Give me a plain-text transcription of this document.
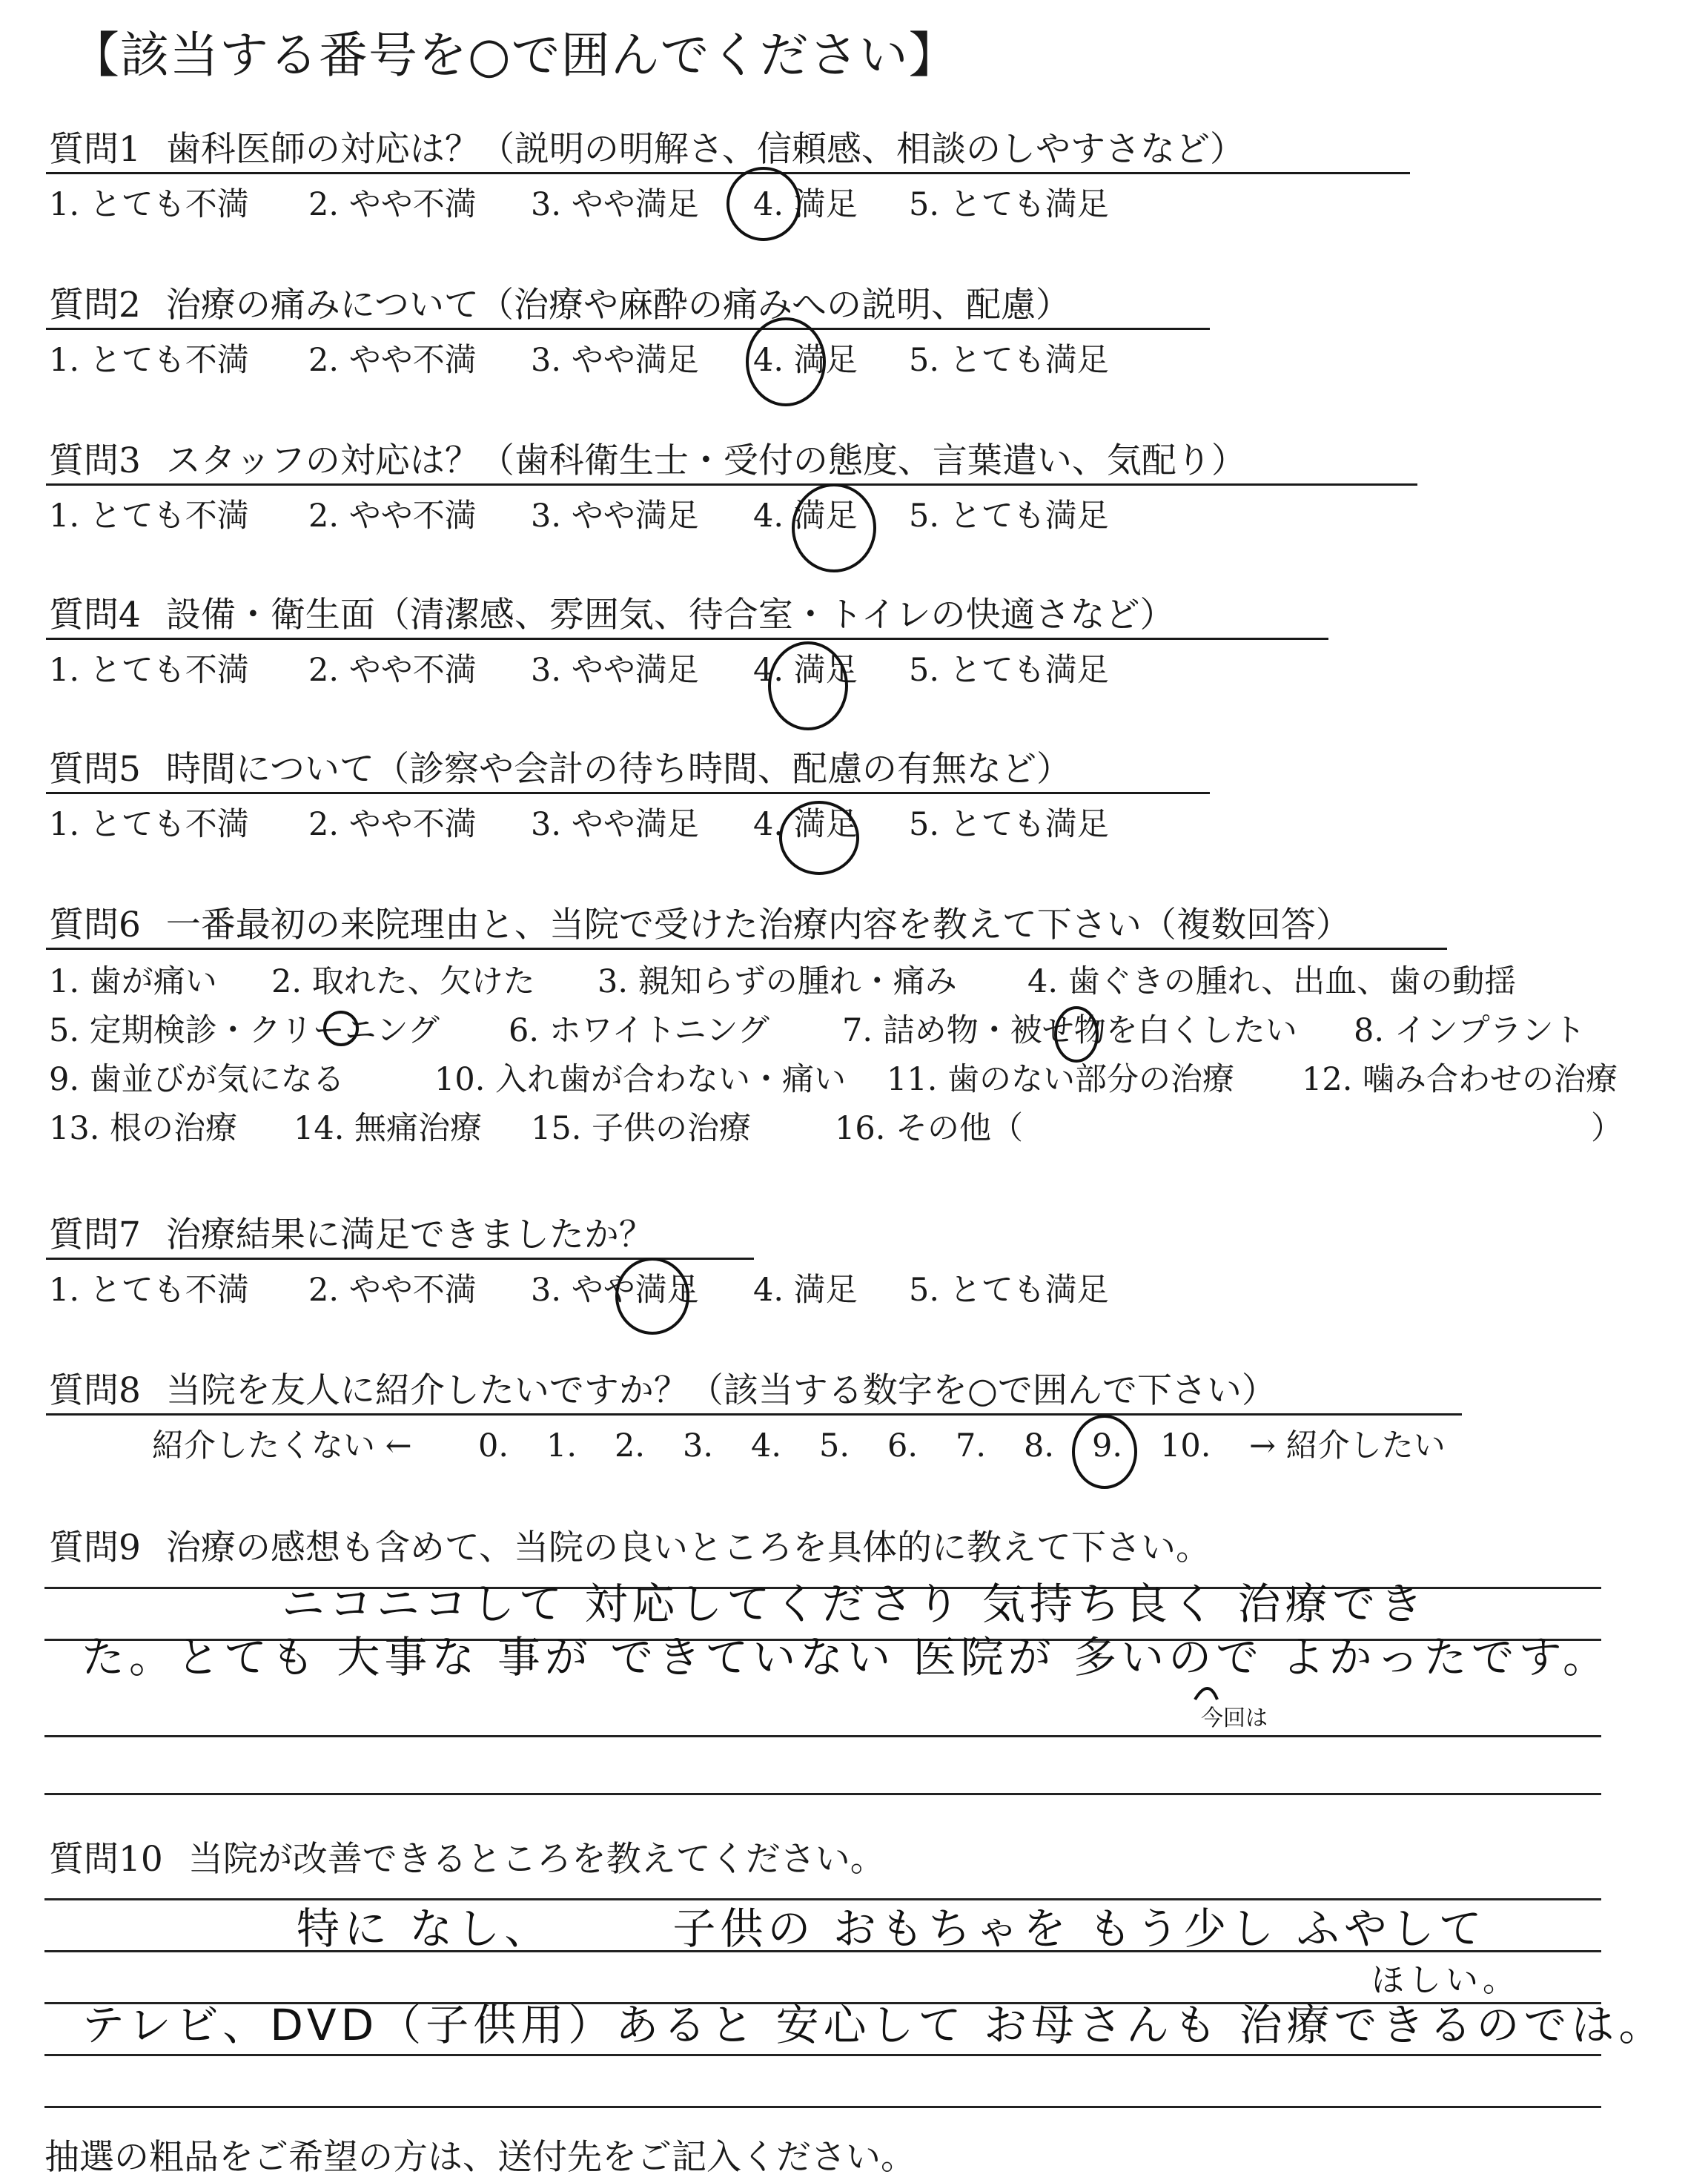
【該当する番号を○で囲んでください】
質問1 歯科医師の対応は？（説明の明解さ、信頼感、相談のしやすさなど）
1. とても不満 2. やや不満 3. やや満足 4. 満足 5. とても満足
質問2 治療の痛みについて（治療や麻酔の痛みへの説明、配慮）
1. とても不満 2. やや不満 3. やや満足 4. 満足 5. とても満足
質問3 スタッフの対応は？（歯科衛生士・受付の態度、言葉遣い、気配り）
1. とても不満 2. やや不満 3. やや満足 4. 満足 5. とても満足
質問4 設備・衛生面（清潔感、雰囲気、待合室・トイレの快適さなど）
1. とても不満 2. やや不満 3. やや満足 4. 満足 5. とても満足
質問5 時間について（診察や会計の待ち時間、配慮の有無など）
1. とても不満 2. やや不満 3. やや満足 4. 満足 5. とても満足
質問6 一番最初の来院理由と、当院で受けた治療内容を教えて下さい（複数回答）
1. 歯が痛い 2. 取れた、欠けた 3. 親知らずの腫れ・痛み 4. 歯ぐきの腫れ、出血、歯の動揺
5. 定期検診・クリーニング 6. ホワイトニング 7. 詰め物・被せ物を白くしたい 8. インプラント
9. 歯並びが気になる	10. 入れ歯が合わない・痛い 11. 歯のない部分の治療 12. 噛み合わせの治療
13. 根の治療 14. 無痛治療 15. 子供の治療	16. その他（	）
質問7 治療結果に満足できましたか？
1. とても不満 2. やや不満 3. やや満足 4. 満足 5. とても満足
質問8 当院を友人に紹介したいですか？（該当する数字を○で囲んで下さい）
紹介したくない ← 0. 1. 2. 3. 4. 5. 6. 7. 8. 9. 10. → 紹介したい
質問9 治療の感想も含めて、当院の良いところを具体的に教えて下さい。
ニコニコして 対応してくださり 気持ち良く 治療でき
た。とても 大事な 事が できていない 医院が 多いので よかったです。
今回は
質問10 当院が改善できるところを教えてください。
特に なし、　　　子供の おもちゃを もう少し ふやして
ほしい。
テレビ、DVD（子供用）あると 安心して お母さんも 治療できるのでは。
抽選の粗品をご希望の方は、送付先をご記入ください。
